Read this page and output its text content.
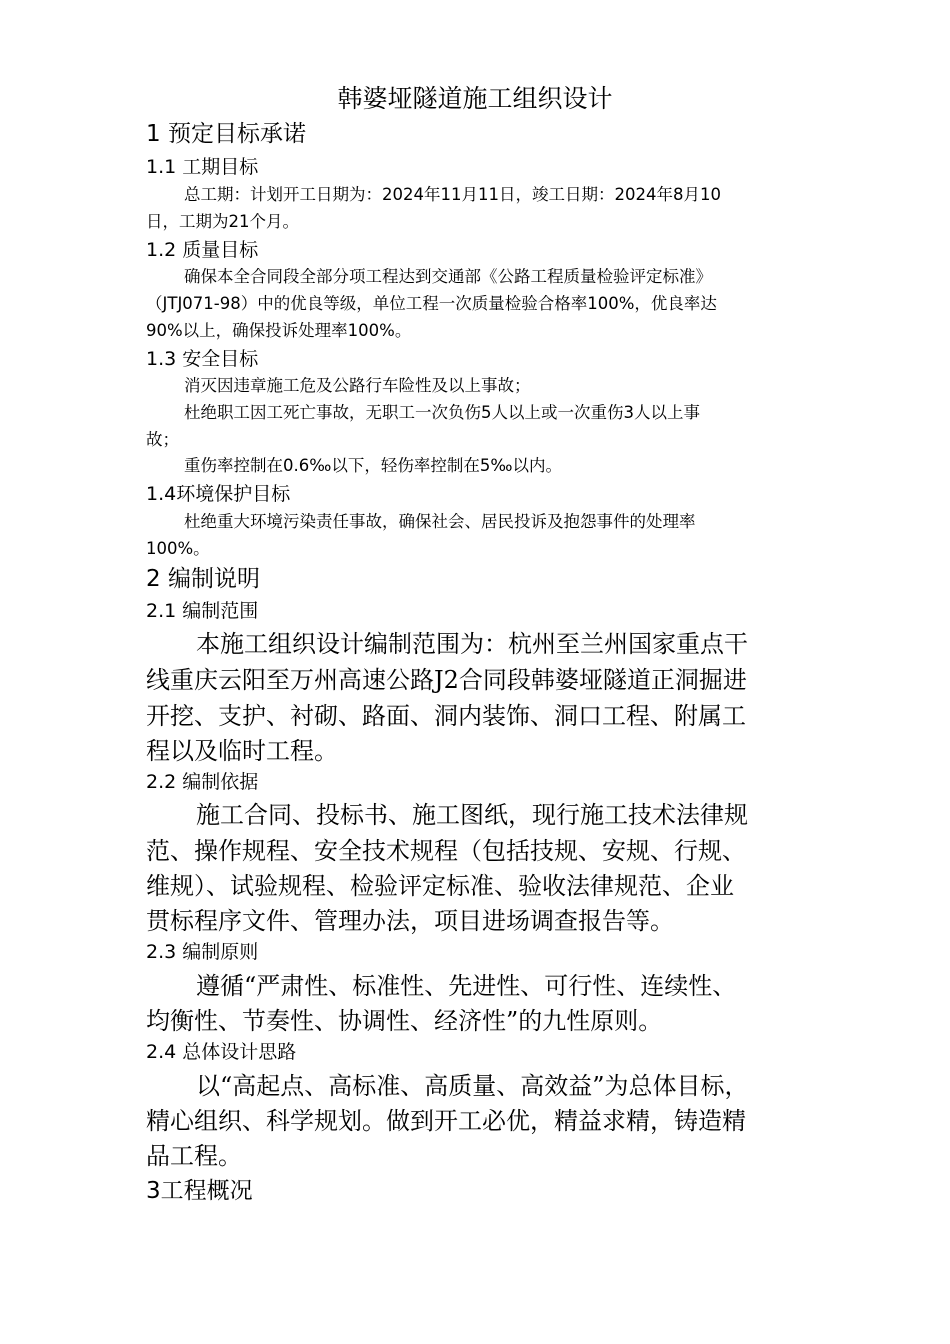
韩婆垭隧道施工组织设计
1 预定目标承诺
1.1 工期目标
总工期：计划开工日期为：2024年11月11日，竣工日期：2024年8月10
日，工期为21个月。
1.2 质量目标
确保本全合同段全部分项工程达到交通部《公路工程质量检验评定标准》
（JTJ071-98）中的优良等级，单位工程一次质量检验合格率100%，优良率达
90%以上，确保投诉处理率100%。
1.3 安全目标
消灭因违章施工危及公路行车险性及以上事故；
杜绝职工因工死亡事故，无职工一次负伤5人以上或一次重伤3人以上事
故；
重伤率控制在0.6‰以下，轻伤率控制在5‰以内。
1.4环境保护目标
杜绝重大环境污染责任事故，确保社会、居民投诉及抱怨事件的处理率
100%。
2 编制说明
2.1 编制范围
本施工组织设计编制范围为：杭州至兰州国家重点干
线重庆云阳至万州高速公路J2合同段韩婆垭隧道正洞掘进
开挖、支护、衬砌、路面、洞内装饰、洞口工程、附属工
程以及临时工程。
2.2 编制依据
施工合同、投标书、施工图纸，现行施工技术法律规
范、操作规程、安全技术规程（包括技规、安规、行规、
维规）、试验规程、检验评定标准、验收法律规范、企业
贯标程序文件、管理办法，项目进场调查报告等。
2.3 编制原则
遵循“严肃性、标准性、先进性、可行性、连续性、
均衡性、节奏性、协调性、经济性”的九性原则。
2.4 总体设计思路
以“高起点、高标准、高质量、高效益”为总体目标，
精心组织、科学规划。做到开工必优，精益求精，铸造精
品工程。
3工程概况
